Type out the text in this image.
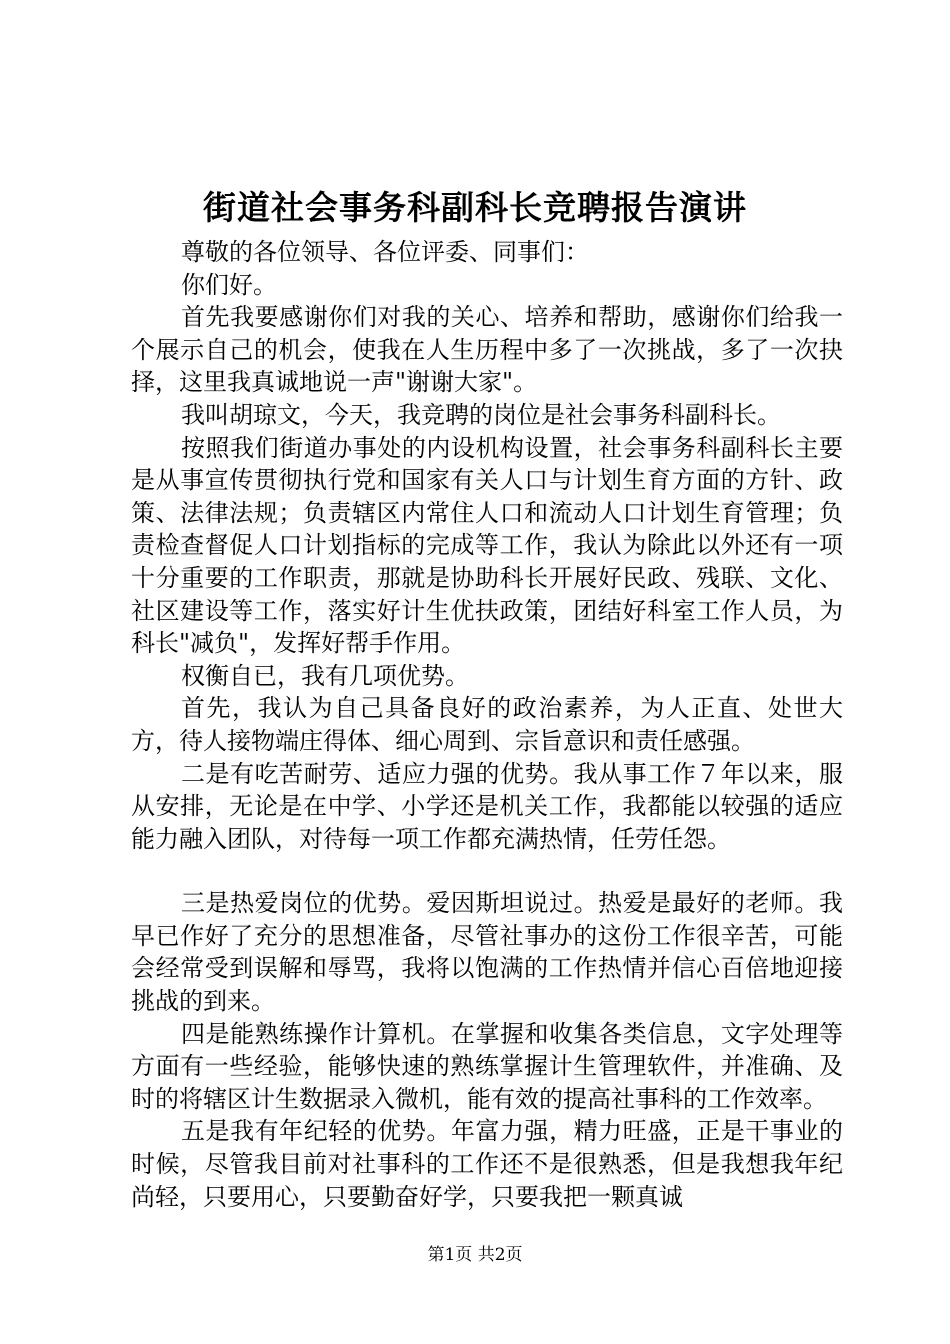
街道社会事务科副科长竞聘报告演讲

尊敬的各位领导、各位评委、同事们：

你们好。

首先我要感谢你们对我的关心、培养和帮助，感谢你们给我一个展示自己的机会，使我在人生历程中多了一次挑战，多了一次抉择，这里我真诚地说一声"谢谢大家"。

我叫胡琼文，今天，我竞聘的岗位是社会事务科副科长。

按照我们街道办事处的内设机构设置，社会事务科副科长主要是从事宣传贯彻执行党和国家有关人口与计划生育方面的方针、政策、法律法规；负责辖区内常住人口和流动人口计划生育管理；负责检查督促人口计划指标的完成等工作，我认为除此以外还有一项十分重要的工作职责，那就是协助科长开展好民政、残联、文化、社区建设等工作，落实好计生优扶政策，团结好科室工作人员，为科长"减负"，发挥好帮手作用。

权衡自已，我有几项优势。

首先，我认为自己具备良好的政治素养，为人正直、处世大方，待人接物端庄得体、细心周到、宗旨意识和责任感强。

二是有吃苦耐劳、适应力强的优势。我从事工作７年以来，服从安排，无论是在中学、小学还是机关工作，我都能以较强的适应能力融入团队，对待每一项工作都充满热情，任劳任怨。

三是热爱岗位的优势。爱因斯坦说过。热爱是最好的老师。我早已作好了充分的思想准备，尽管社事办的这份工作很辛苦，可能会经常受到误解和辱骂，我将以饱满的工作热情并信心百倍地迎接挑战的到来。

四是能熟练操作计算机。在掌握和收集各类信息，文字处理等方面有一些经验，能够快速的熟练掌握计生管理软件，并准确、及时的将辖区计生数据录入微机，能有效的提高社事科的工作效率。

五是我有年纪轻的优势。年富力强，精力旺盛，正是干事业的时候，尽管我目前对社事科的工作还不是很熟悉，但是我想我年纪尚轻，只要用心，只要勤奋好学，只要我把一颗真诚

第1页 共2页
